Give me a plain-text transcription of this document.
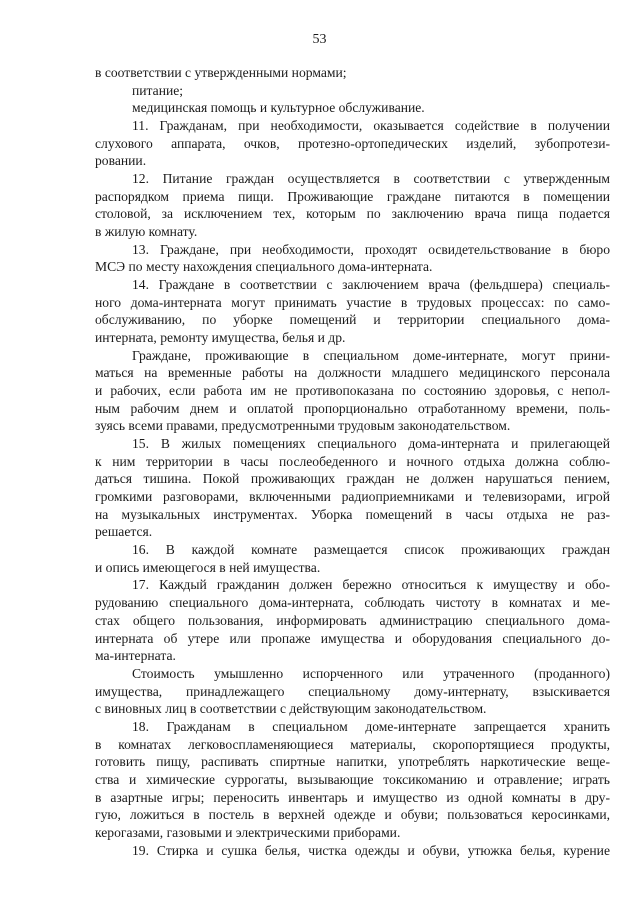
53
в соответствии с утвержденными нормами;
питание;
медицинская помощь и культурное обслуживание.
11. Гражданам, при необходимости, оказывается содействие в получении
слухового аппарата, очков, протезно-ортопедических изделий, зубопротези-
ровании.
12. Питание граждан осуществляется в соответствии с утвержденным
распорядком приема пищи. Проживающие граждане питаются в помещении
столовой, за исключением тех, которым по заключению врача пища подается
в жилую комнату.
13. Граждане, при необходимости, проходят освидетельствование в бюро
МСЭ по месту нахождения специального дома-интерната.
14. Граждане в соответствии с заключением врача (фельдшера) специаль-
ного дома-интерната могут принимать участие в трудовых процессах: по само-
обслуживанию, по уборке помещений и территории специального дома-
интерната, ремонту имущества, белья и др.
Граждане, проживающие в специальном доме-интернате, могут прини-
маться на временные работы на должности младшего медицинского персонала
и рабочих, если работа им не противопоказана по состоянию здоровья, с непол-
ным рабочим днем и оплатой пропорционально отработанному времени, поль-
зуясь всеми правами, предусмотренными трудовым законодательством.
15. В жилых помещениях специального дома-интерната и прилегающей
к ним территории в часы послеобеденного и ночного отдыха должна соблю-
даться тишина. Покой проживающих граждан не должен нарушаться пением,
громкими разговорами, включенными радиоприемниками и телевизорами, игрой
на музыкальных инструментах. Уборка помещений в часы отдыха не раз-
решается.
16. В каждой комнате размещается список проживающих граждан
и опись имеющегося в ней имущества.
17. Каждый гражданин должен бережно относиться к имуществу и обо-
рудованию специального дома-интерната, соблюдать чистоту в комнатах и ме-
стах общего пользования, информировать администрацию специального дома-
интерната об утере или пропаже имущества и оборудования специального до-
ма-интерната.
Стоимость умышленно испорченного или утраченного (проданного)
имущества, принадлежащего специальному дому-интернату, взыскивается
с виновных лиц в соответствии с действующим законодательством.
18. Гражданам в специальном доме-интернате запрещается хранить
в комнатах легковоспламеняющиеся материалы, скоропортящиеся продукты,
готовить пищу, распивать спиртные напитки, употреблять наркотические веще-
ства и химические суррогаты, вызывающие токсикоманию и отравление; играть
в азартные игры; переносить инвентарь и имущество из одной комнаты в дру-
гую, ложиться в постель в верхней одежде и обуви; пользоваться керосинками,
керогазами, газовыми и электрическими приборами.
19. Стирка и сушка белья, чистка одежды и обуви, утюжка белья, курение
